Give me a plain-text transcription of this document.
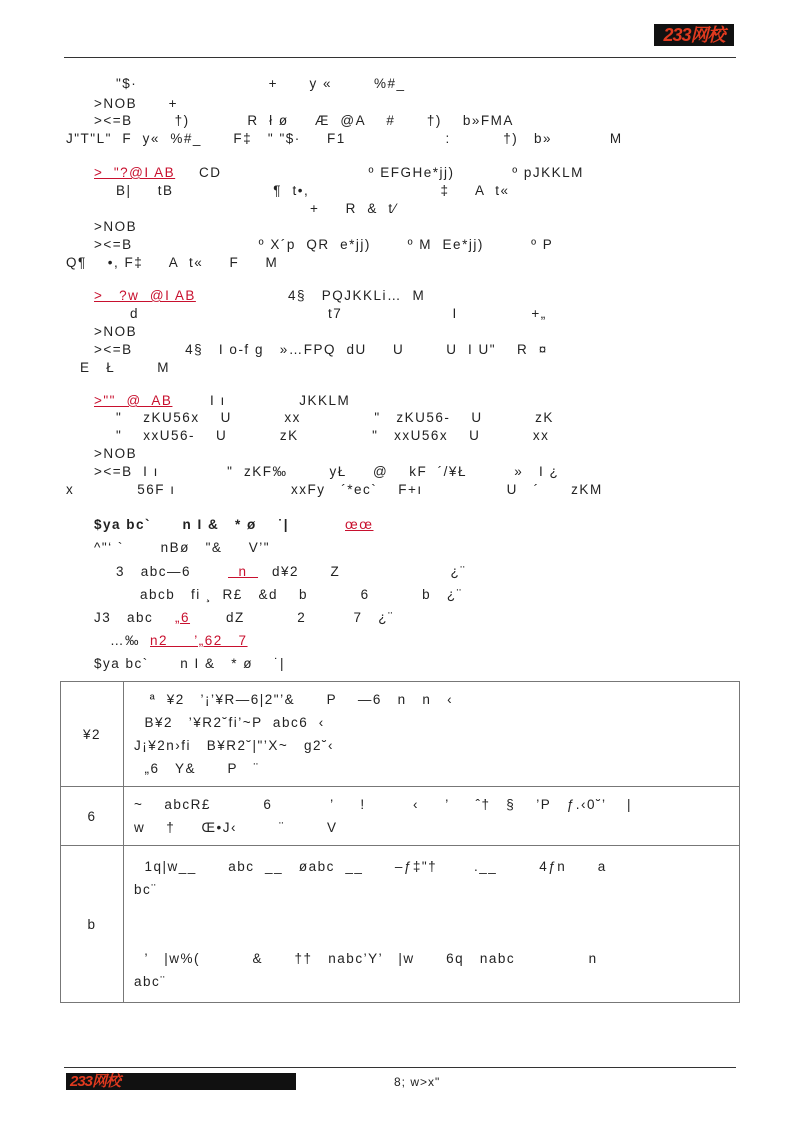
233网校
"$·                         +      y «        %#_
>NOB      +
><=B        †)           R  ł ø     Æ  @A    #      †)    b»FMA
J"T"L"  F  y«  %#_      F‡   " "$·     F1                   :          †)   b»           M
>  "?@I AB CD                            º EFGHe*jj)           º pJKKLM
B|     tB                   ¶  t•,                         ‡     A  t«
+     R  &  t⁄
>NOB
><=B                        º X´p  QR  e*jj)       º M  Ee*jj)         º P
Q¶    •, F‡     A  t«     F     M
>   ?w  @I AB	4§   PQJKKLi…  M
d                                    t7                     I              +„
>NOB
><=B          4§   I o-f g   »…FPQ  dU     U        U  I U"    R  ¤
E   Ł        M
>""  @  AB	I ı              JKKLM
"    zKU56x    U          xx              "   zKU56-    U          zK
"    xxU56-    U          zK              "   xxU56x    U          xx
>NOB
><=B  I ı             "  zKF‰        yŁ     @    kF  ´/¥Ł         »   I ¿
x            56F ı                      xxFy   ´*ec`    F+ı                U   ´      zKM
$ya bc`      n I &   * ø    ˙|	œœ
^"‘ `       nBø   "&     V’"
3   abc—6	n d¥2      Z                     ¿¨
abcb   fi ¸  R£   &d    b          6          b   ¿¨
J3   abc „6	dZ          2         7   ¿¨
…‰ n2     ’„62   7
$ya bc`      n I &   * ø    ˙|
¥2	ª  ¥2   ’¡’¥R—6|2"’&      P    —6   n   n   ‹
B¥2   ’¥R2˘fi’~P  abc6  ‹
J¡¥2n›fi   B¥R2˘|"’X~   g2˘‹
„6   Y&      P   ¨

6	~    abcR£          6           ’     !         ‹     ’     ˆ†   §    ’P   ƒ.‹0˘’    |
w    †     Œ•J‹        ¨        V

b	1q|w__      abc  __   øabc  __      –ƒ‡"†       .__        4ƒn      a
bc¨
’   |w%(          &      ††   nabc’Y’   |w      6q   nabc              n
abc¨
233网校	8; w>x"
